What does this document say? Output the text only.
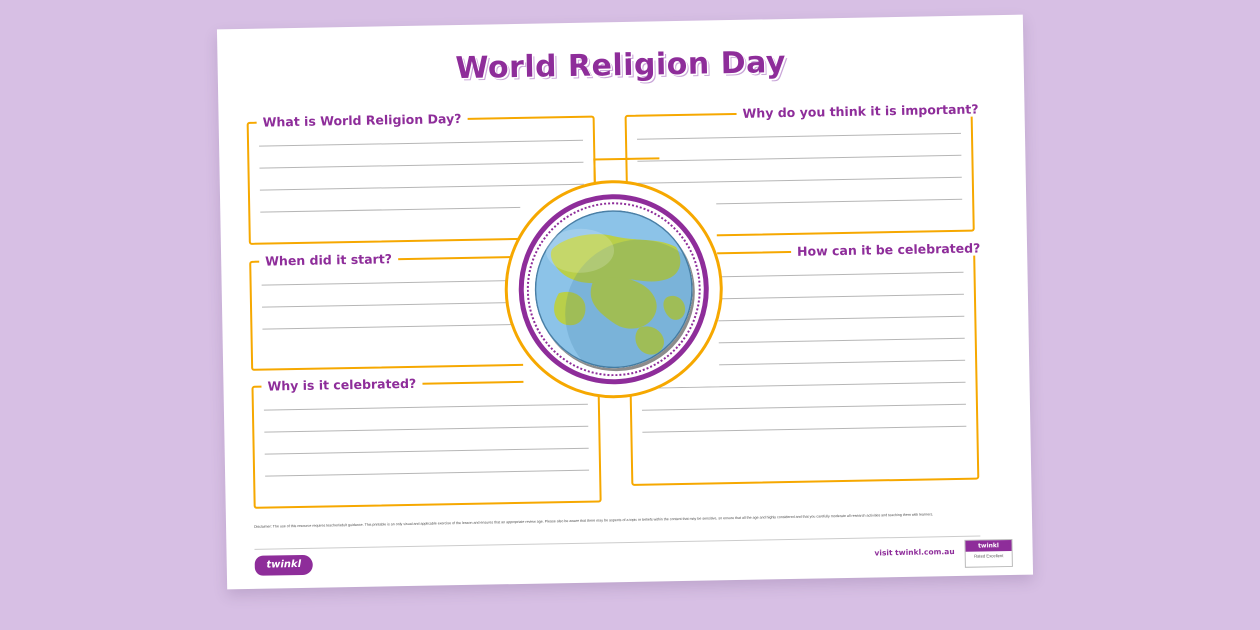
World Religion Day
What is World Religion Day?	Why do you think it is important?
When did it start?
How can it be celebrated?
Why is it celebrated?
Disclaimer: The use of this resource requires teacher/adult guidance. This printable is an only visual and applicable exercise of the lesson and ensures that an appropriate review age. Please also be aware that there may be aspects of a topic or beliefs within the content that may be sensitive, so ensure that all the age and highly considered and that you carefully moderate all research activities and teaching them with learners.
twinkl
visit twinkl.com.au
twinkl
Rated Excellent
